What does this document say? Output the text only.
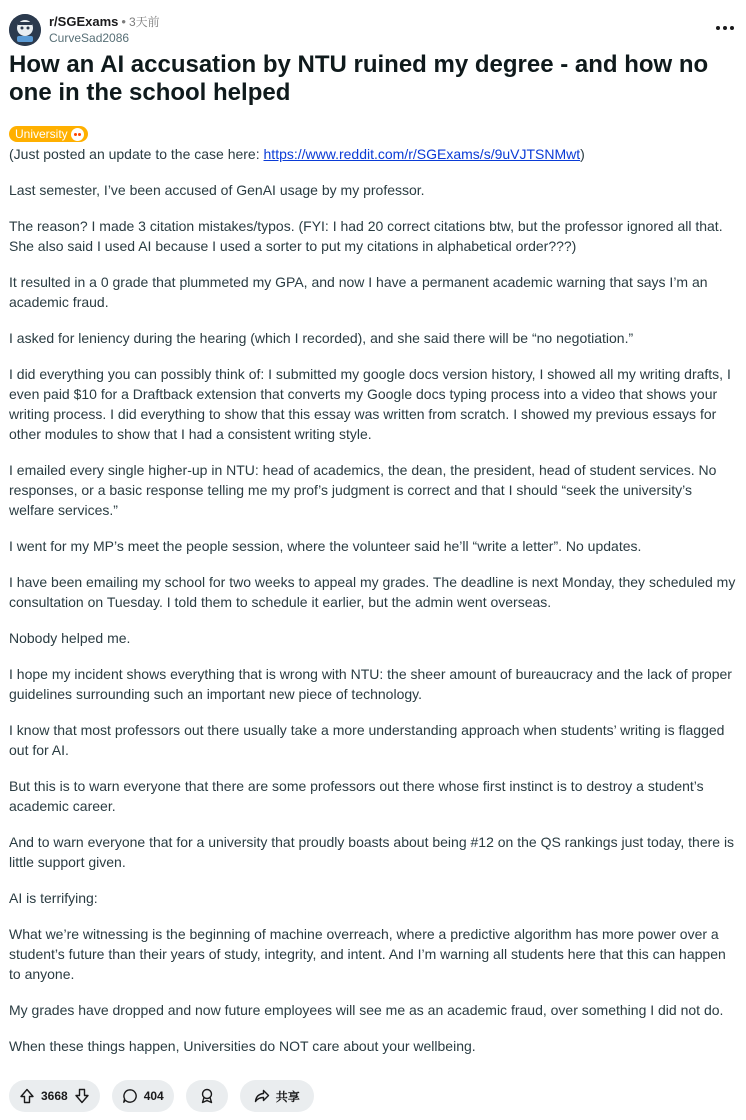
r/SGExams • 3天前
CurveSad2086
How an AI accusation by NTU ruined my degree - and how no one in the school helped
University

(Just posted an update to the case here: https://www.reddit.com/r/SGExams/s/9uVJTSNMwt)

Last semester, I’ve been accused of GenAI usage by my professor.

The reason? I made 3 citation mistakes/typos. (FYI: I had 20 correct citations btw, but the professor ignored all that. She also said I used AI because I used a sorter to put my citations in alphabetical order???)

It resulted in a 0 grade that plummeted my GPA, and now I have a permanent academic warning that says I’m an academic fraud.

I asked for leniency during the hearing (which I recorded), and she said there will be “no negotiation.”

I did everything you can possibly think of: I submitted my google docs version history, I showed all my writing drafts, I even paid $10 for a Draftback extension that converts my Google docs typing process into a video that shows your writing process. I did everything to show that this essay was written from scratch. I showed my previous essays for other modules to show that I had a consistent writing style.

I emailed every single higher-up in NTU: head of academics, the dean, the president, head of student services. No responses, or a basic response telling me my prof’s judgment is correct and that I should “seek the university’s welfare services.”

I went for my MP’s meet the people session, where the volunteer said he’ll “write a letter”. No updates.

I have been emailing my school for two weeks to appeal my grades. The deadline is next Monday, they scheduled my consultation on Tuesday. I told them to schedule it earlier, but the admin went overseas.

Nobody helped me.

I hope my incident shows everything that is wrong with NTU: the sheer amount of bureaucracy and the lack of proper guidelines surrounding such an important new piece of technology.

I know that most professors out there usually take a more understanding approach when students’ writing is flagged out for AI.

But this is to warn everyone that there are some professors out there whose first instinct is to destroy a student’s academic career.

And to warn everyone that for a university that proudly boasts about being #12 on the QS rankings just today, there is little support given.

AI is terrifying:

What we’re witnessing is the beginning of machine overreach, where a predictive algorithm has more power over a student’s future than their years of study, integrity, and intent. And I’m warning all students here that this can happen to anyone.

My grades have dropped and now future employees will see me as an academic fraud, over something I did not do.

When these things happen, Universities do NOT care about your wellbeing.

3668	404	共享
